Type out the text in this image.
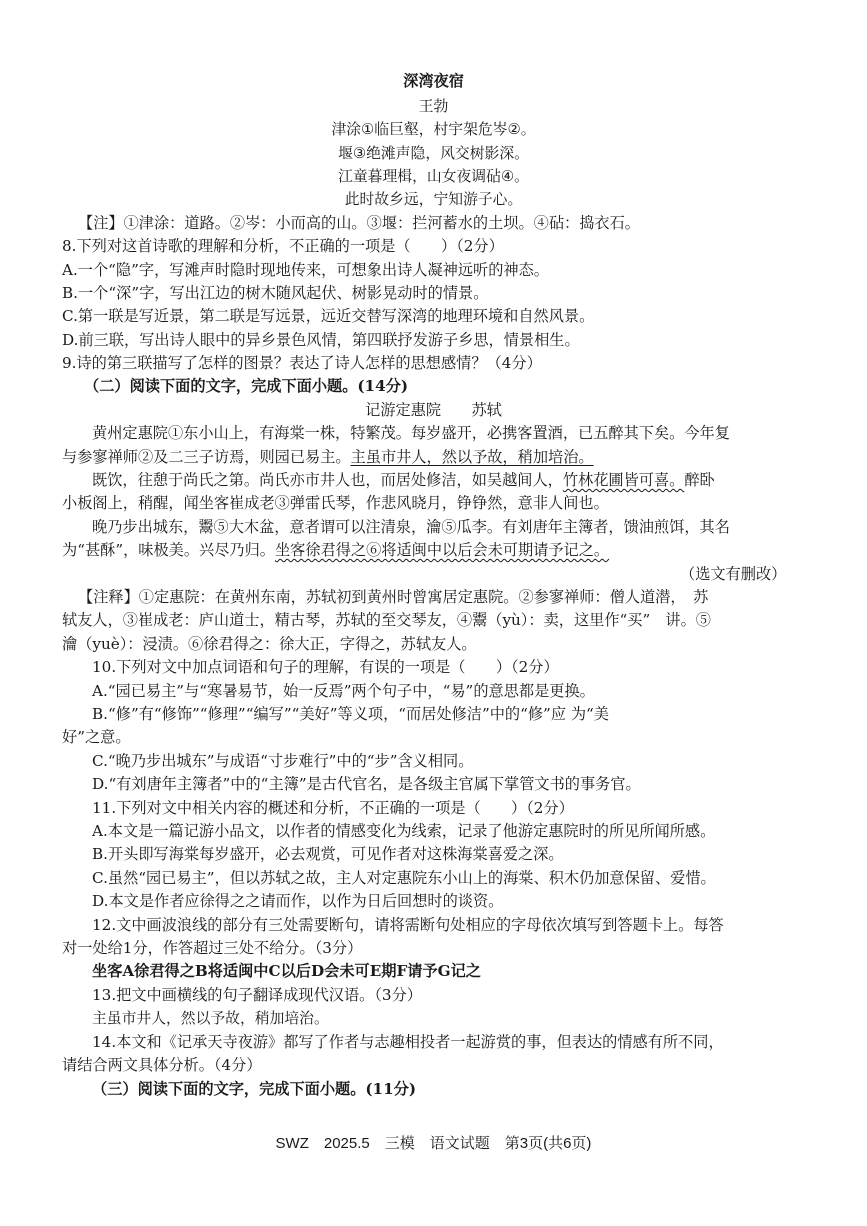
深湾夜宿
王勃
津涂①临巨壑，村宇架危岑②。
堰③绝滩声隐，风交树影深。
江童暮理楫，山女夜调砧④。
此时故乡远，宁知游子心。
【注】①津涂：道路。②岑：小而高的山。③堰：拦河蓄水的土坝。④砧：捣衣石。
8.下列对这首诗歌的理解和分析，不正确的一项是（　　）（2分）
A.一个“隐”字，写滩声时隐时现地传来，可想象出诗人凝神远听的神态。
B.一个“深”字，写出江边的树木随风起伏、树影晃动时的情景。
C.第一联是写近景，第二联是写远景，远近交替写深湾的地理环境和自然风景。
D.前三联，写出诗人眼中的异乡景色风情，第四联抒发游子乡思，情景相生。
9.诗的第三联描写了怎样的图景？表达了诗人怎样的思想感情？（4分）
（二）阅读下面的文字，完成下面小题。(14分)
记游定惠院　　苏轼
黄州定惠院①东小山上，有海棠一株，特繁茂。每岁盛开，必携客置酒，已五醉其下矣。今年复
与参寥禅师②及二三子访焉，则园已易主。主虽市井人，然以予故，稍加培治。
既饮，往憩于尚氏之第。尚氏亦市井人也，而居处修洁，如吴越间人，竹林花圃皆可喜。醉卧
小板阁上，稍醒，闻坐客崔成老③弹雷氏琴，作悲风晓月，铮铮然，意非人间也。
晚乃步出城东，鬻⑤大木盆，意者谓可以注清泉，瀹⑤瓜李。有刘唐年主簿者，馈油煎饵，其名
为“甚酥”，味极美。兴尽乃归。坐客徐君得之⑥将适闽中以后会未可期请予记之。
（选文有删改）
【注释】①定惠院：在黄州东南，苏轼初到黄州时曾寓居定惠院。②参寥禅师：僧人道潜，　苏
轼友人，③崔成老：庐山道士，精古琴，苏轼的至交琴友，④鬻（yù）：卖，这里作“买”　讲。⑤
瀹（yuè）：浸渍。⑥徐君得之：徐大正，字得之，苏轼友人。
10.下列对文中加点词语和句子的理解，有误的一项是（　　）（2分）
A.“园已易主”与“寒暑易节，始一反焉”两个句子中，“易”的意思都是更换。
B.“修”有“修饰”“修理”“编写”“美好”等义项，“而居处修洁”中的“修”应 为“美
好”之意。
C.“晚乃步出城东”与成语“寸步难行”中的“步”含义相同。
D.“有刘唐年主簿者”中的“主簿”是古代官名，是各级主官属下掌管文书的事务官。
11.下列对文中相关内容的概述和分析，不正确的一项是（　　）（2分）
A.本文是一篇记游小品文，以作者的情感变化为线索，记录了他游定惠院时的所见所闻所感。
B.开头即写海棠每岁盛开，必去观赏，可见作者对这株海棠喜爱之深。
C.虽然“园已易主”，但以苏轼之故，主人对定惠院东小山上的海棠、积木仍加意保留、爱惜。
D.本文是作者应徐得之之请而作，以作为日后回想时的谈资。
12.文中画波浪线的部分有三处需要断句，请将需断句处相应的字母依次填写到答题卡上。每答
对一处给1分，作答超过三处不给分。（3分）
坐客A徐君得之B将适闽中C以后D会未可E期F请予G记之
13.把文中画横线的句子翻译成现代汉语。（3分）
主虽市井人，然以予故，稍加培治。
14.本文和《记承天寺夜游》都写了作者与志趣相投者一起游赏的事，但表达的情感有所不同，
请结合两文具体分析。（4分）
（三）阅读下面的文字，完成下面小题。(11分)
SWZ　2025.5　三模　语文试题　第3页(共6页)
